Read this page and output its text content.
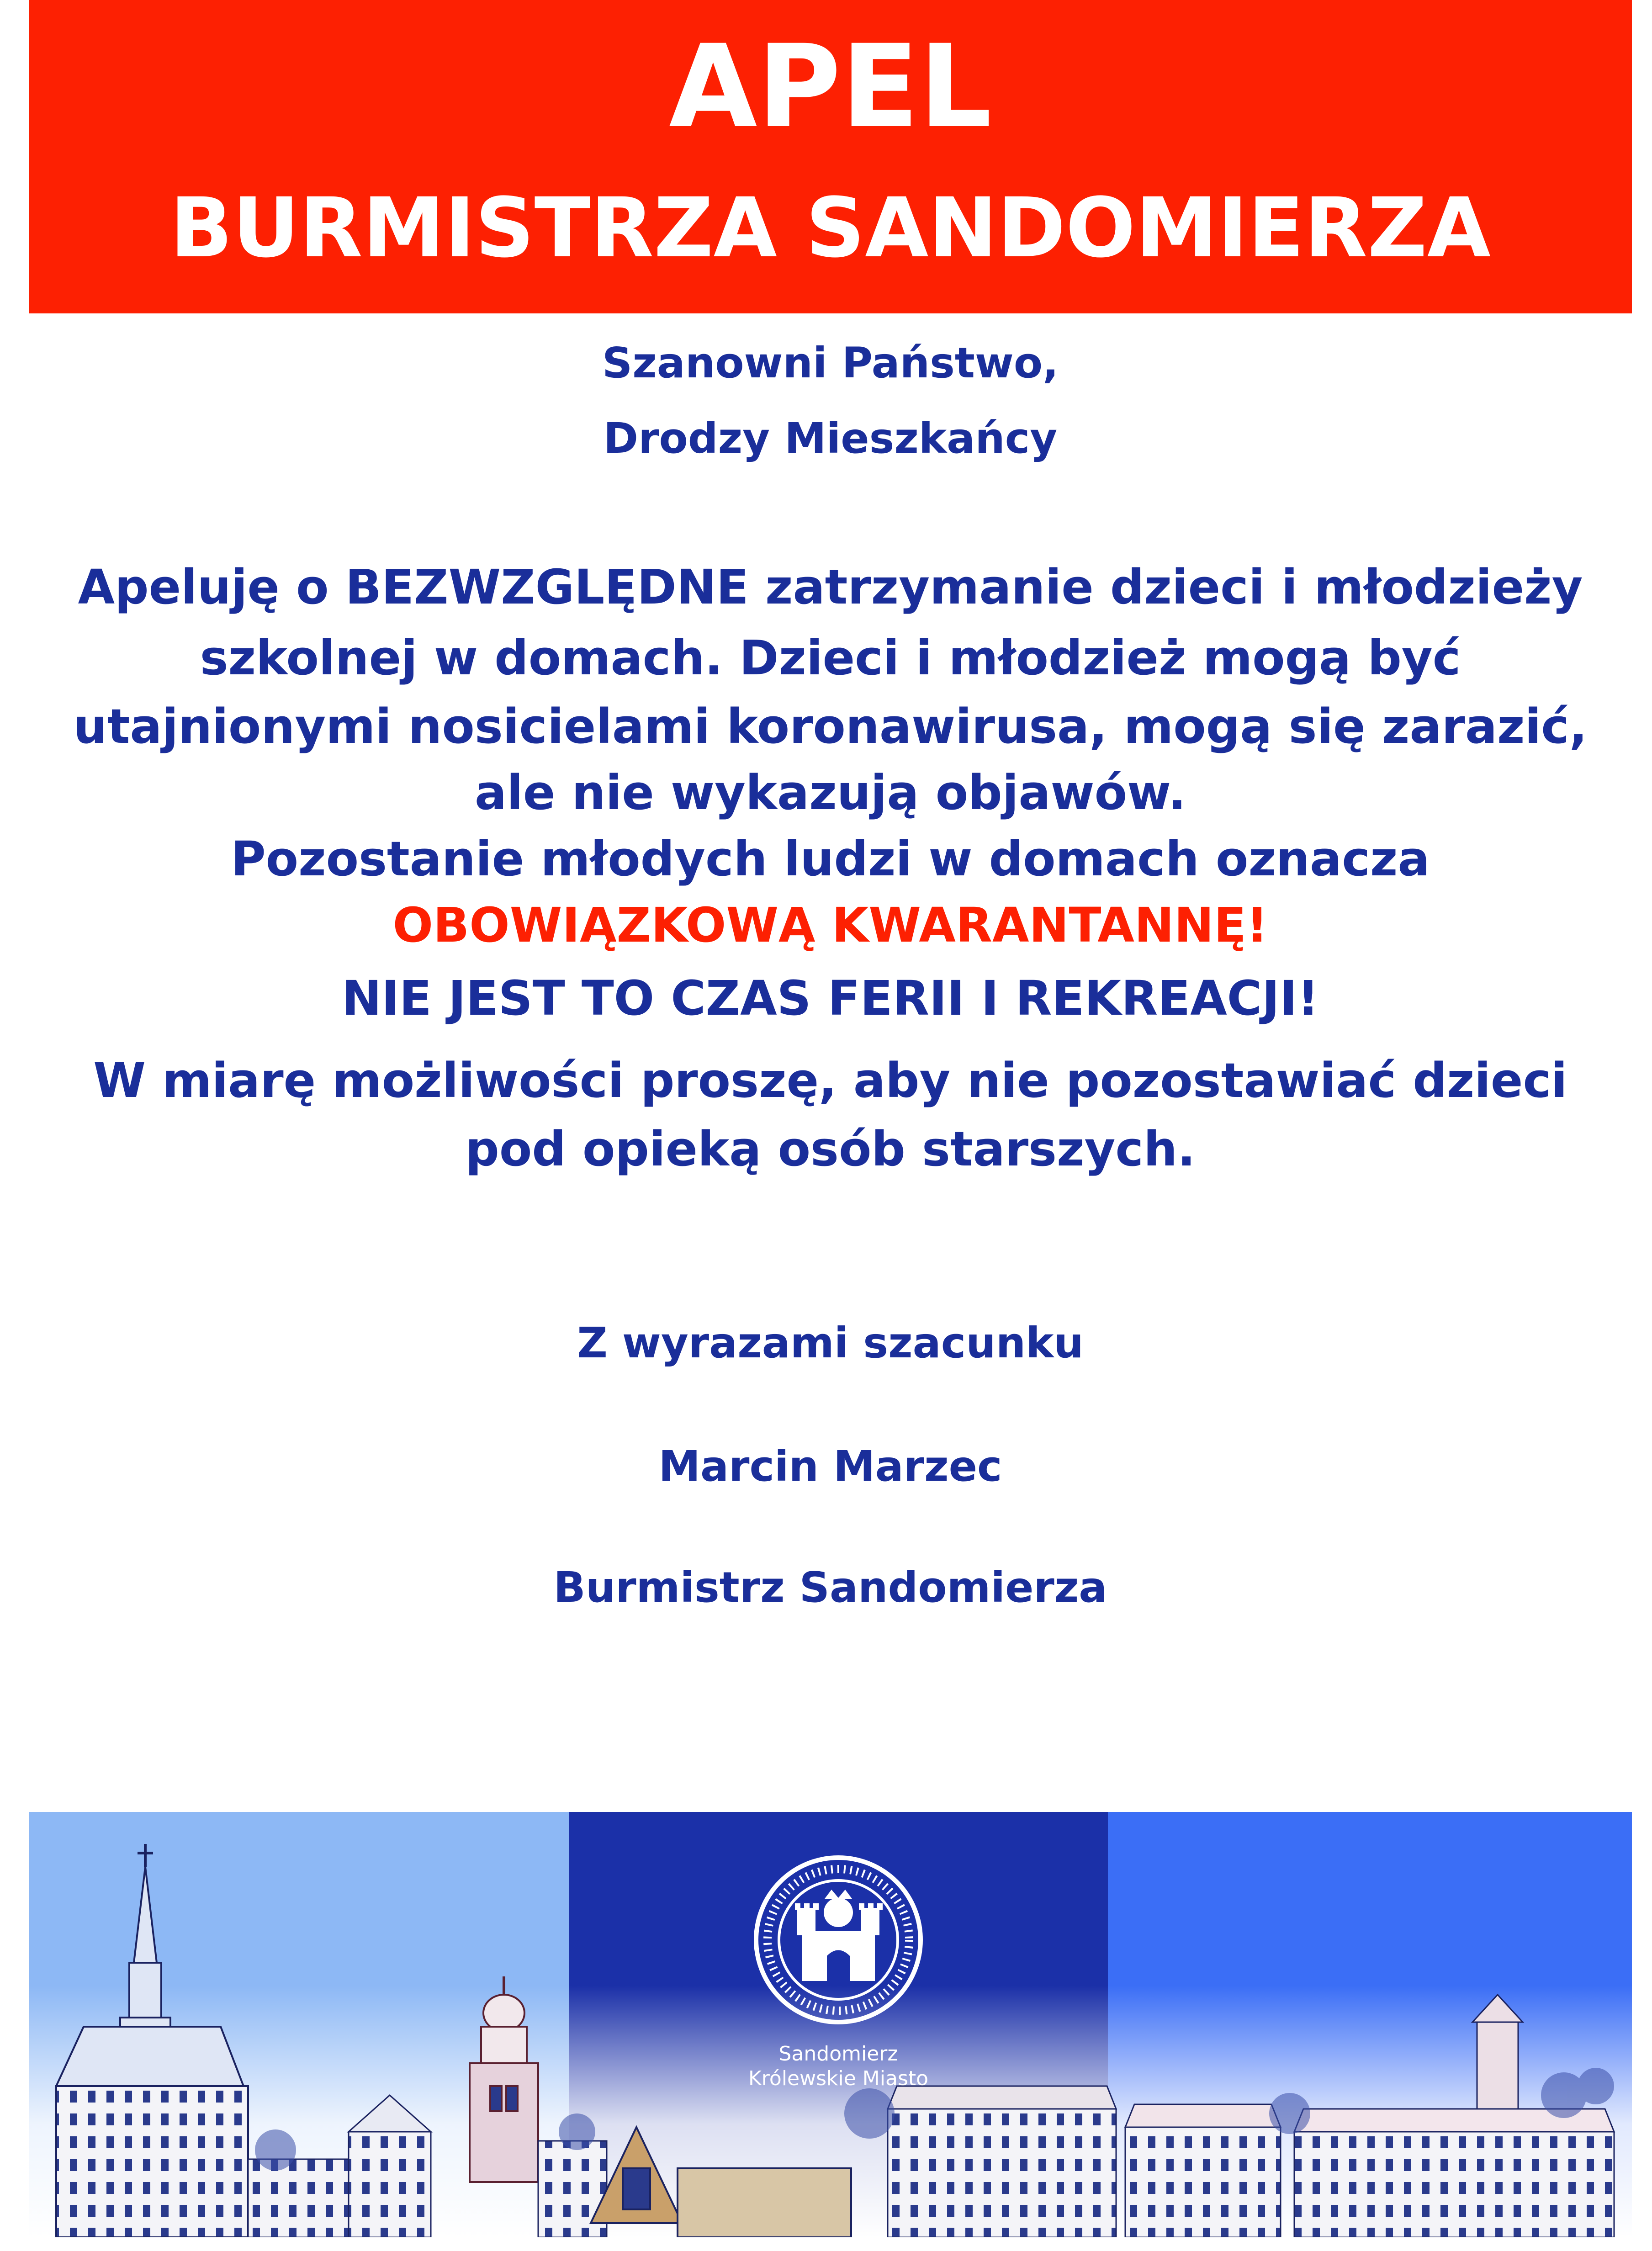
APEL
BURMISTRZA SANDOMIERZA
Szanowni Państwo,
Drodzy Mieszkańcy
Apeluję o BEZWZGLĘDNE zatrzymanie dzieci i młodzieży
szkolnej w domach. Dzieci i młodzież mogą być
utajnionymi nosicielami koronawirusa, mogą się zarazić,
ale nie wykazują objawów.
Pozostanie młodych ludzi w domach oznacza
OBOWIĄZKOWĄ KWARANTANNĘ!
NIE JEST TO CZAS FERII I REKREACJI!
W miarę możliwości proszę, aby nie pozostawiać dzieci
pod opieką osób starszych.
Z wyrazami szacunku
Marcin Marzec
Burmistrz Sandomierza
Sandomierz
Królewskie Miasto
